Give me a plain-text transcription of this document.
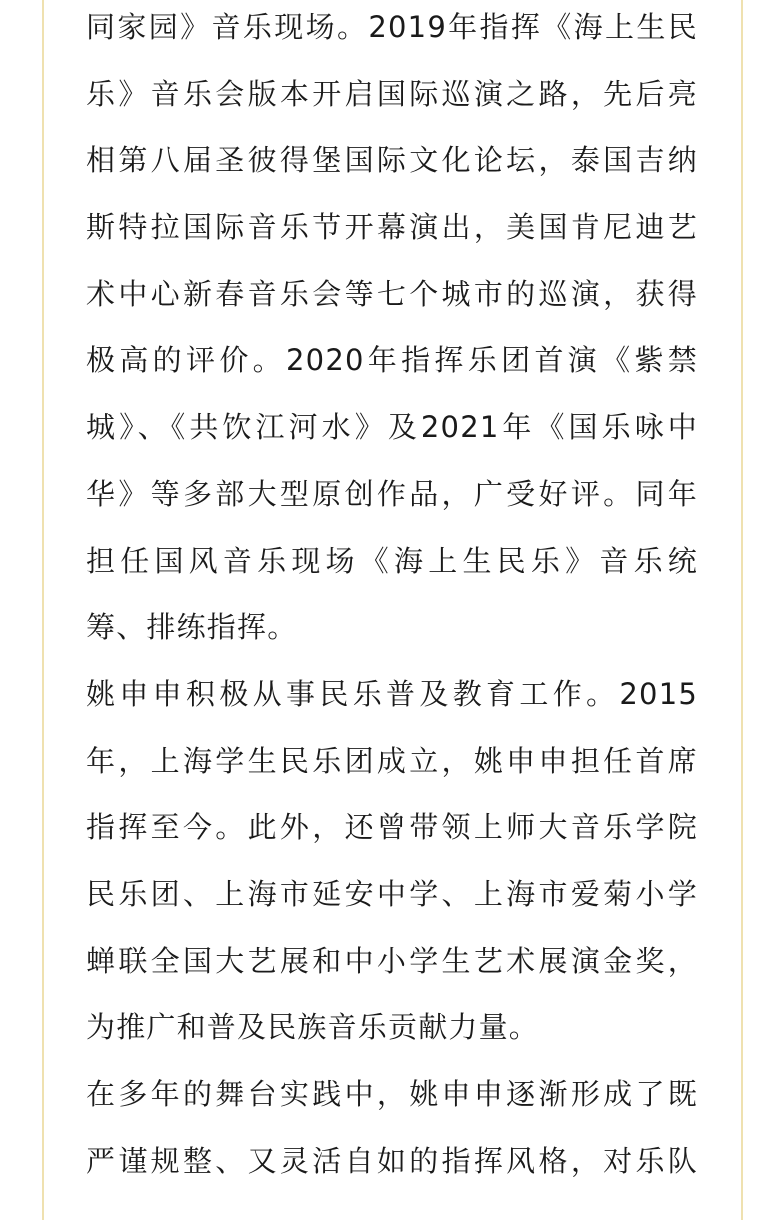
同家园》音乐现场。2019年指挥《海上生民
乐》音乐会版本开启国际巡演之路，先后亮
相第八届圣彼得堡国际文化论坛，泰国吉纳
斯特拉国际音乐节开幕演出，美国肯尼迪艺
术中心新春音乐会等七个城市的巡演，获得
极高的评价。2020年指挥乐团首演《紫禁
城》、《共饮江河水》及2021年《国乐咏中
华》等多部大型原创作品，广受好评。同年
担任国风音乐现场《海上生民乐》音乐统
筹、排练指挥。
姚申申积极从事民乐普及教育工作。2015
年，上海学生民乐团成立，姚申申担任首席
指挥至今。此外，还曾带领上师大音乐学院
民乐团、上海市延安中学、上海市爱菊小学
蝉联全国大艺展和中小学生艺术展演金奖，
为推广和普及民族音乐贡献力量。
在多年的舞台实践中，姚申申逐渐形成了既
严谨规整、又灵活自如的指挥风格，对乐队
